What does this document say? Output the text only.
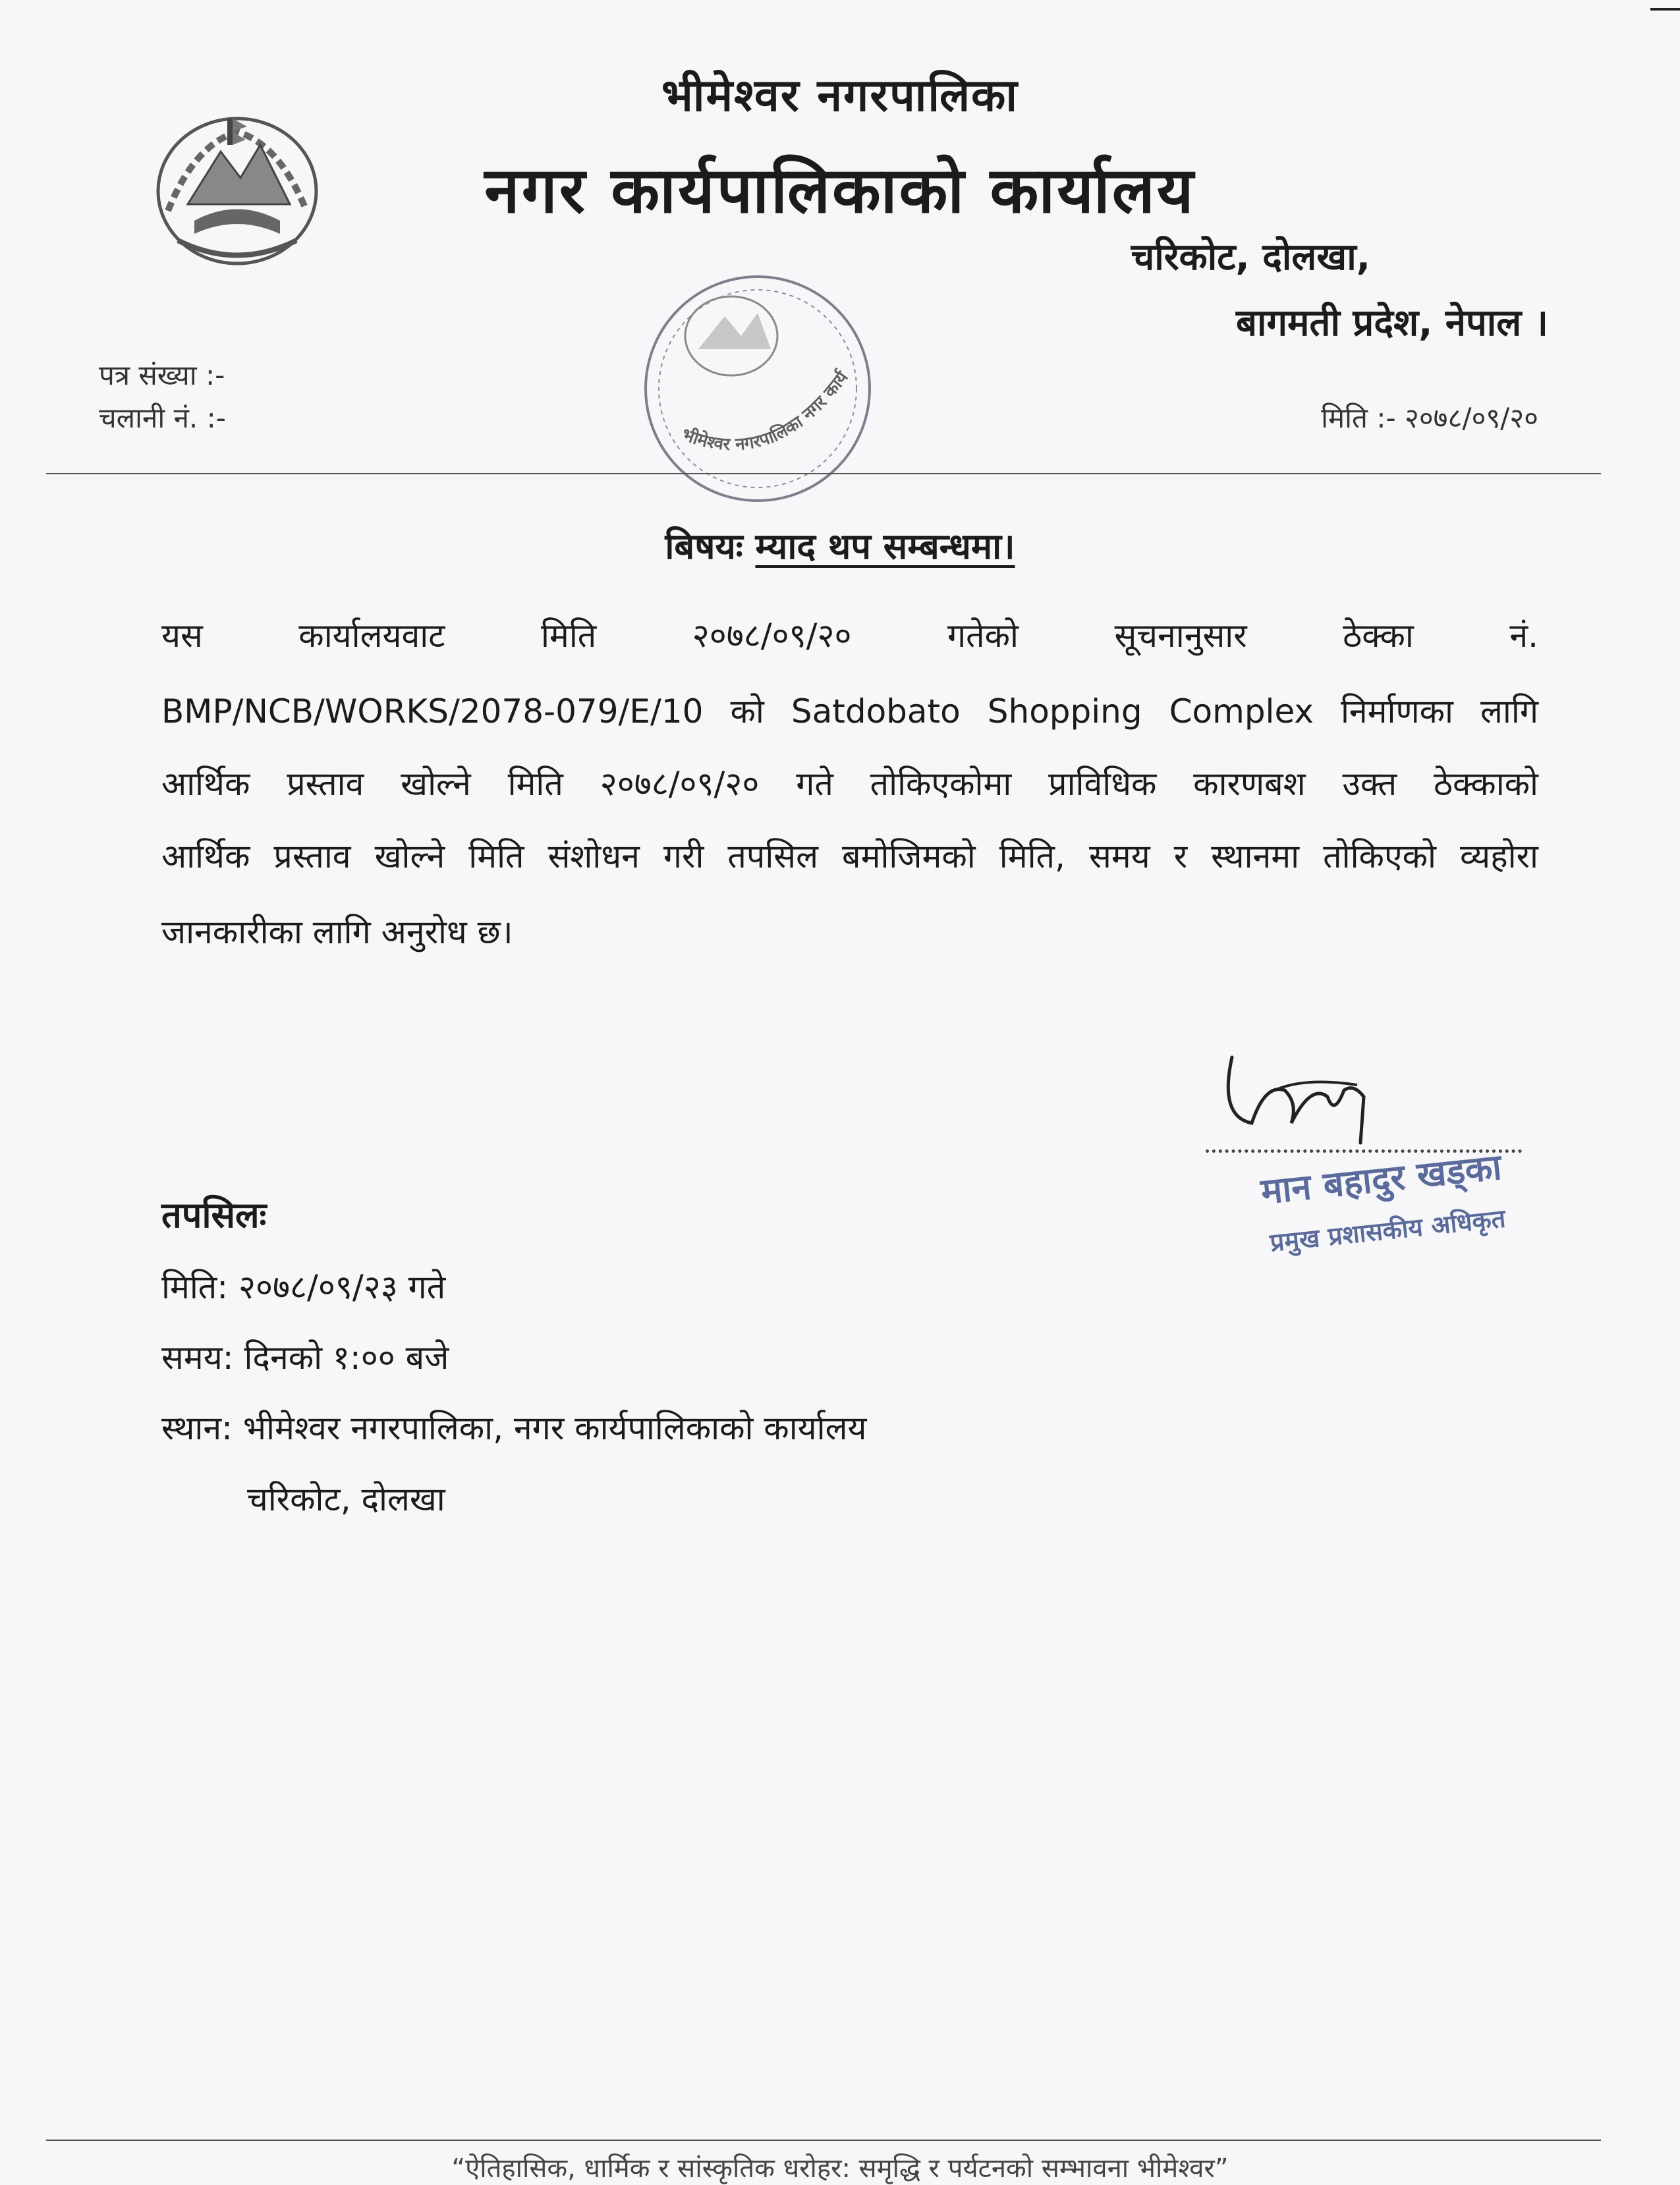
भीमेश्वर नगरपालिका
नगर कार्यपालिकाको कार्यालय
चरिकोट, दोलखा,
बागमती प्रदेश, नेपाल ।
भीमेश्वर नगरपालिका नगर कार्यपालिकाको
पत्र संख्या :-
चलानी नं. :-	मिति :- २०७८/०९/२०
बिषयः म्याद थप सम्बन्धमा।
यस कार्यालयवाट मिति २०७८/०९/२० गतेको सूचनानुसार ठेक्का नं.
BMP/NCB/WORKS/2078-079/E/10 को Satdobato Shopping Complex निर्माणका लागि
आर्थिक प्रस्ताव खोल्ने मिति २०७८/०९/२० गते तोकिएकोमा प्राविधिक कारणबश उक्त ठेक्काको
आर्थिक प्रस्ताव खोल्ने मिति संशोधन गरी तपसिल बमोजिमको मिति, समय र स्थानमा तोकिएको व्यहोरा
जानकारीका लागि अनुरोध छ।
मान बहादुर खड्का
प्रमुख प्रशासकीय अधिकृत
तपसिलः
मिति: २०७८/०९/२३ गते
समय: दिनको १:०० बजे
स्थान: भीमेश्वर नगरपालिका, नगर कार्यपालिकाको कार्यालय
चरिकोट, दोलखा
“ऐतिहासिक, धार्मिक र सांस्कृतिक धरोहर: समृद्धि र पर्यटनको सम्भावना भीमेश्वर”
